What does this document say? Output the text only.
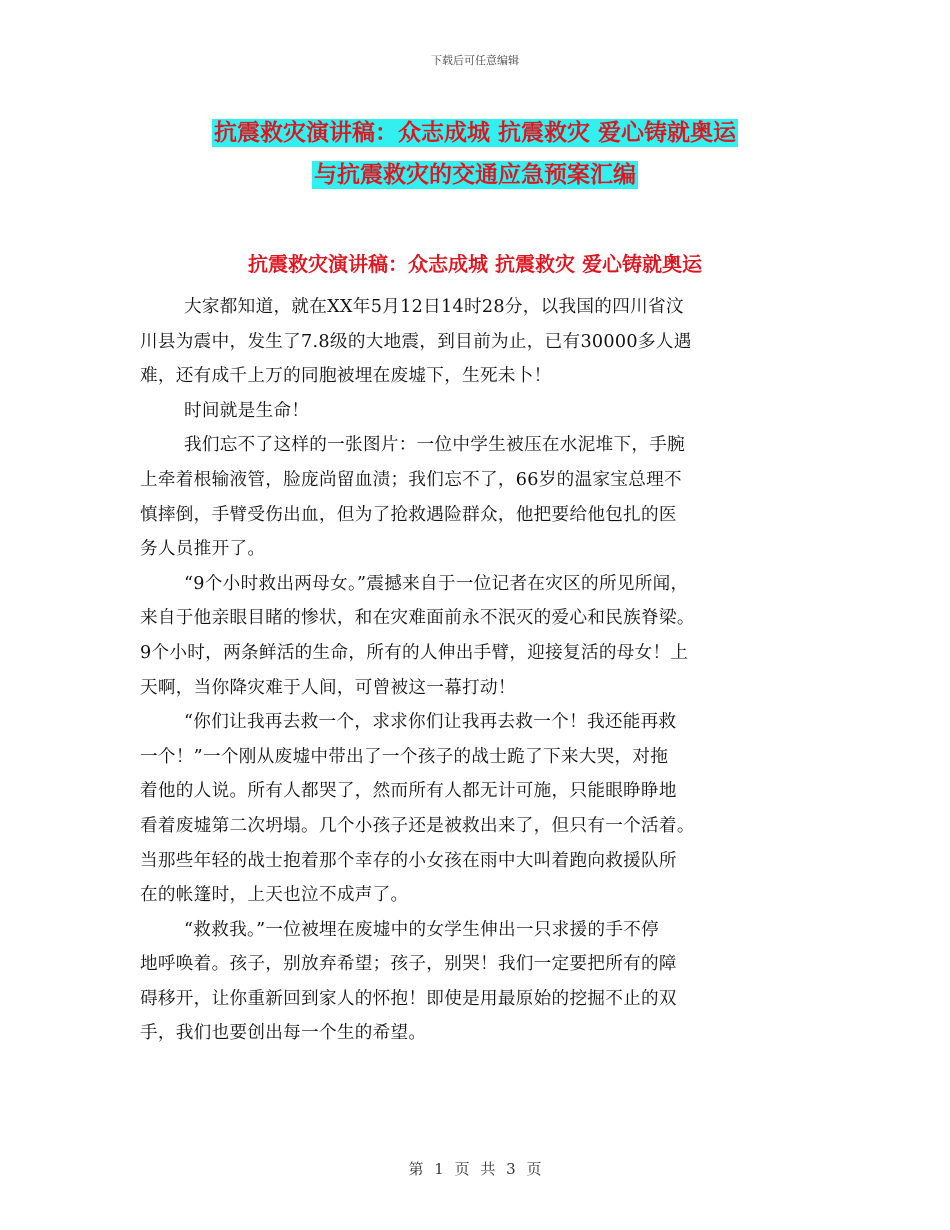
下载后可任意编辑
抗震救灾演讲稿：众志成城 抗震救灾 爱心铸就奥运
与抗震救灾的交通应急预案汇编
抗震救灾演讲稿：众志成城 抗震救灾 爱心铸就奥运
大家都知道，就在XX年5月12日14时28分，以我国的四川省汶
川县为震中，发生了7.8级的大地震，到目前为止，已有30000多人遇
难，还有成千上万的同胞被埋在废墟下，生死未卜！
时间就是生命！
我们忘不了这样的一张图片：一位中学生被压在水泥堆下，手腕
上牵着根输液管，脸庞尚留血渍；我们忘不了，66岁的温家宝总理不
慎摔倒，手臂受伤出血，但为了抢救遇险群众，他把要给他包扎的医
务人员推开了。
“9个小时救出两母女。”震撼来自于一位记者在灾区的所见所闻，
来自于他亲眼目睹的惨状，和在灾难面前永不泯灭的爱心和民族脊梁。
9个小时，两条鲜活的生命，所有的人伸出手臂，迎接复活的母女！上
天啊，当你降灾难于人间，可曾被这一幕打动！
“你们让我再去救一个，求求你们让我再去救一个！我还能再救
一个！”一个刚从废墟中带出了一个孩子的战士跪了下来大哭，对拖
着他的人说。所有人都哭了，然而所有人都无计可施，只能眼睁睁地
看着废墟第二次坍塌。几个小孩子还是被救出来了，但只有一个活着。
当那些年轻的战士抱着那个幸存的小女孩在雨中大叫着跑向救援队所
在的帐篷时，上天也泣不成声了。
“救救我。”一位被埋在废墟中的女学生伸出一只求援的手不停
地呼唤着。孩子，别放弃希望；孩子，别哭！我们一定要把所有的障
碍移开，让你重新回到家人的怀抱！即使是用最原始的挖掘不止的双
手，我们也要创出每一个生的希望。
第 1 页 共 3 页
